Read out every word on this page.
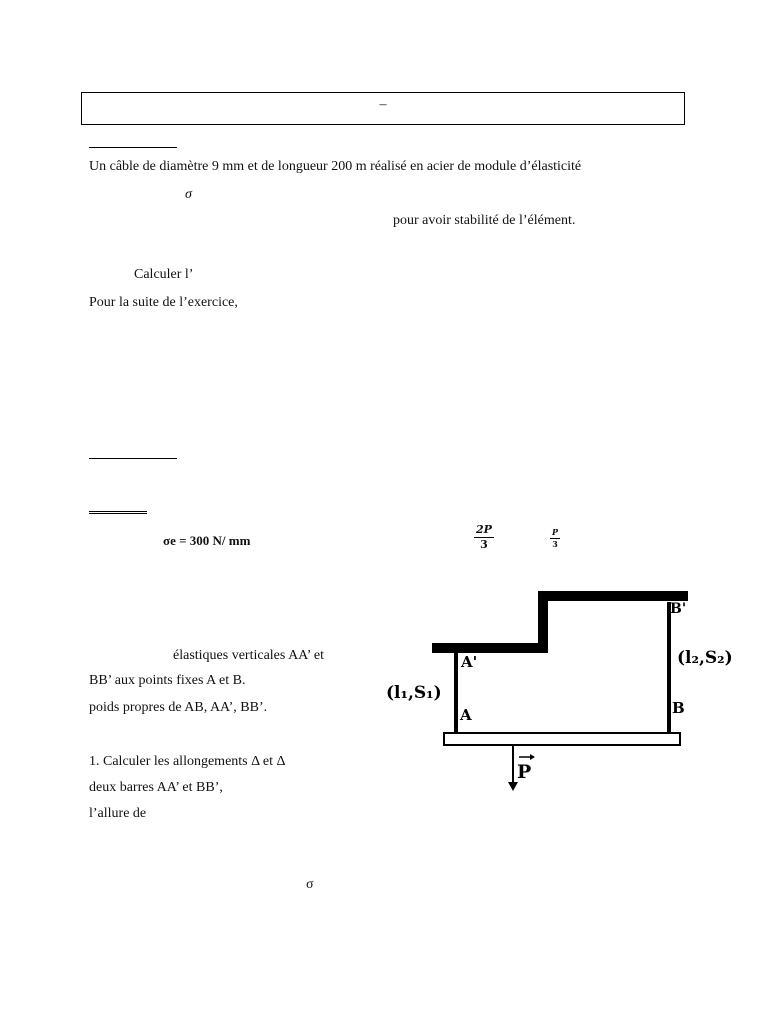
–
Un câble de diamètre 9 mm et de longueur 200 m réalisé en acier de module d’élasticité
σ
pour avoir stabilité de l’élément.
Calculer l’
Pour la suite de l’exercice,
σe = 300 N/ mm	$\frac{2P}{3}$	$\frac{P}{3}$
élastiques verticales AA’ et
BB’ aux points fixes A et B.
poids propres de AB, AA’, BB’.
1. Calculer les allongements Δ et Δ
deux barres AA’ et BB’,
l’allure de
σ
A'
B'
A	B
(l₁,S₁)
(l₂,S₂)
P
